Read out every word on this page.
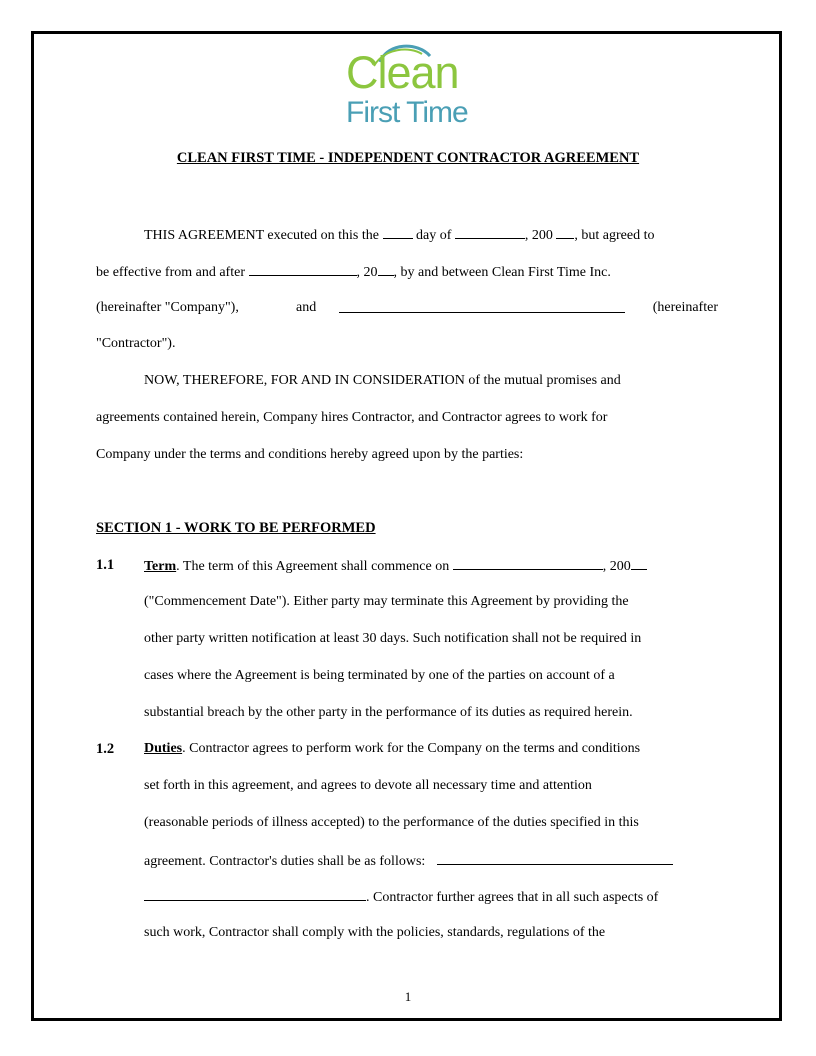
Clean
First Time
CLEAN FIRST TIME - INDEPENDENT CONTRACTOR AGREEMENT
THIS AGREEMENT executed on this the	day of	, 200 , but agreed to
be effective from and after	, 20 , by and between Clean First Time Inc.
(hereinafter "Company"),	and	(hereinafter
"Contractor").
NOW, THEREFORE, FOR AND IN CONSIDERATION of the mutual promises and
agreements contained herein, Company hires Contractor, and Contractor agrees to work for
Company under the terms and conditions hereby agreed upon by the parties:
SECTION 1 - WORK TO BE PERFORMED
1.1 Term. The term of this Agreement shall commence on	, 200
("Commencement Date"). Either party may terminate this Agreement by providing the
other party written notification at least 30 days. Such notification shall not be required in
cases where the Agreement is being terminated by one of the parties on account of a
substantial breach by the other party in the performance of its duties as required herein.
1.2 Duties. Contractor agrees to perform work for the Company on the terms and conditions
set forth in this agreement, and agrees to devote all necessary time and attention
(reasonable periods of illness accepted) to the performance of the duties specified in this
agreement. Contractor's duties shall be as follows:
. Contractor further agrees that in all such aspects of
such work, Contractor shall comply with the policies, standards, regulations of the
1
